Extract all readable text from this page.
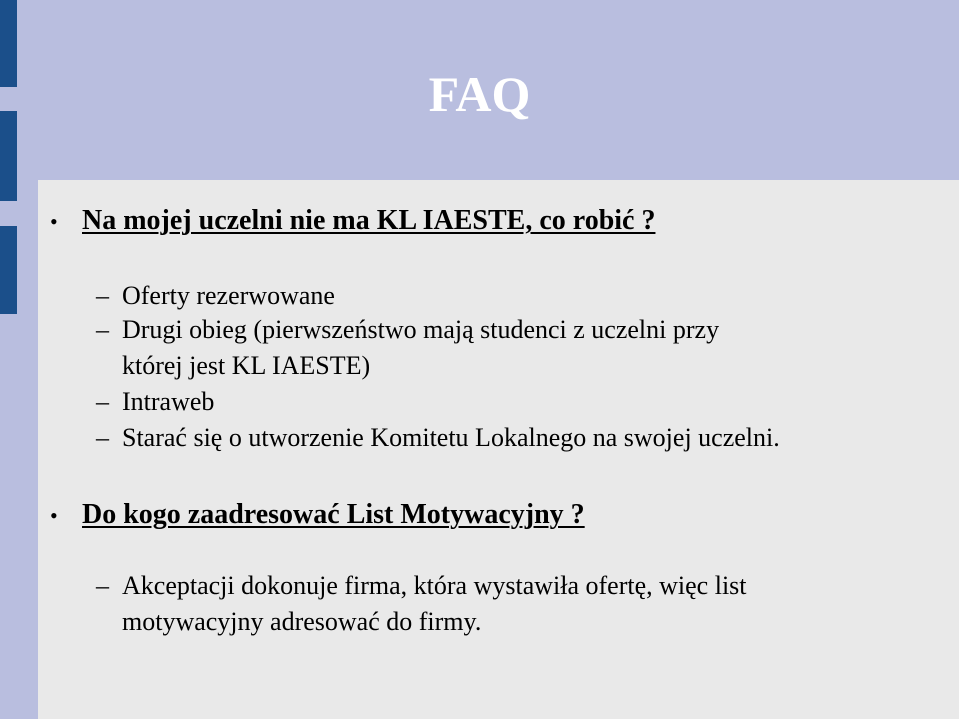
FAQ
• Na mojej uczelni nie ma KL IAESTE, co robić ?
– Oferty rezerwowane
– Drugi obieg (pierwszeństwo mają studenci z uczelni przy
której jest KL IAESTE)
– Intraweb
– Starać się o utworzenie Komitetu Lokalnego na swojej uczelni.
• Do kogo zaadresować List Motywacyjny ?
– Akceptacji dokonuje firma, która wystawiła ofertę, więc list
motywacyjny adresować do firmy.
